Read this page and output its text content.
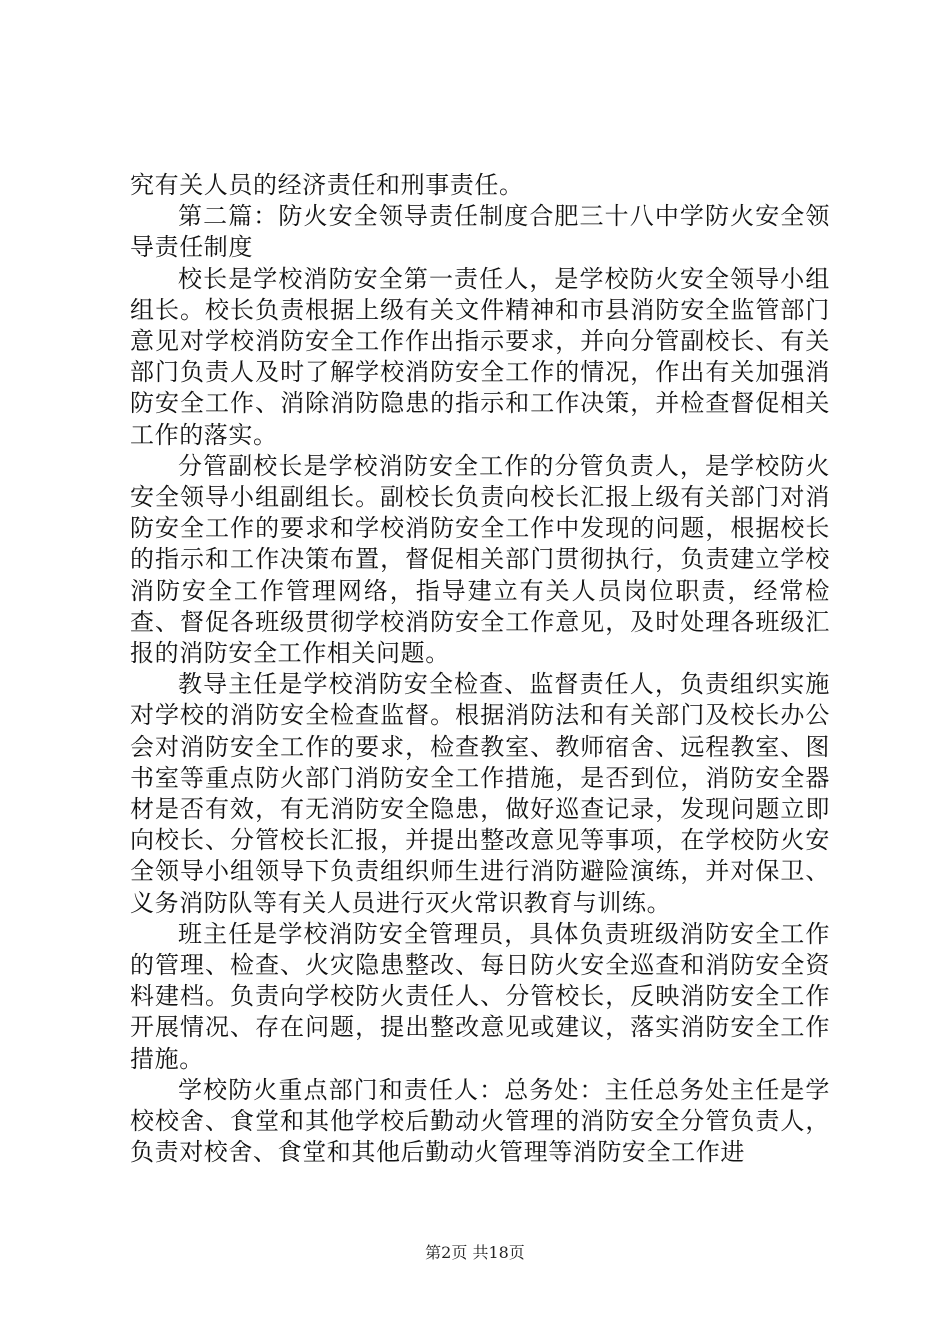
究有关人员的经济责任和刑事责任。

第二篇：防火安全领导责任制度合肥三十八中学防火安全领导责任制度

校长是学校消防安全第一责任人，是学校防火安全领导小组组长。校长负责根据上级有关文件精神和市县消防安全监管部门意见对学校消防安全工作作出指示要求，并向分管副校长、有关部门负责人及时了解学校消防安全工作的情况，作出有关加强消防安全工作、消除消防隐患的指示和工作决策，并检查督促相关工作的落实。

分管副校长是学校消防安全工作的分管负责人，是学校防火安全领导小组副组长。副校长负责向校长汇报上级有关部门对消防安全工作的要求和学校消防安全工作中发现的问题，根据校长的指示和工作决策布置，督促相关部门贯彻执行，负责建立学校消防安全工作管理网络，指导建立有关人员岗位职责，经常检查、督促各班级贯彻学校消防安全工作意见，及时处理各班级汇报的消防安全工作相关问题。

教导主任是学校消防安全检查、监督责任人，负责组织实施对学校的消防安全检查监督。根据消防法和有关部门及校长办公会对消防安全工作的要求，检查教室、教师宿舍、远程教室、图书室等重点防火部门消防安全工作措施，是否到位，消防安全器材是否有效，有无消防安全隐患，做好巡查记录，发现问题立即向校长、分管校长汇报，并提出整改意见等事项，在学校防火安全领导小组领导下负责组织师生进行消防避险演练，并对保卫、义务消防队等有关人员进行灭火常识教育与训练。

班主任是学校消防安全管理员，具体负责班级消防安全工作的管理、检查、火灾隐患整改、每日防火安全巡查和消防安全资料建档。负责向学校防火责任人、分管校长，反映消防安全工作开展情况、存在问题，提出整改意见或建议，落实消防安全工作措施。

学校防火重点部门和责任人：总务处：主任总务处主任是学校校舍、食堂和其他学校后勤动火管理的消防安全分管负责人，负责对校舍、食堂和其他后勤动火管理等消防安全工作进

第2页 共18页
